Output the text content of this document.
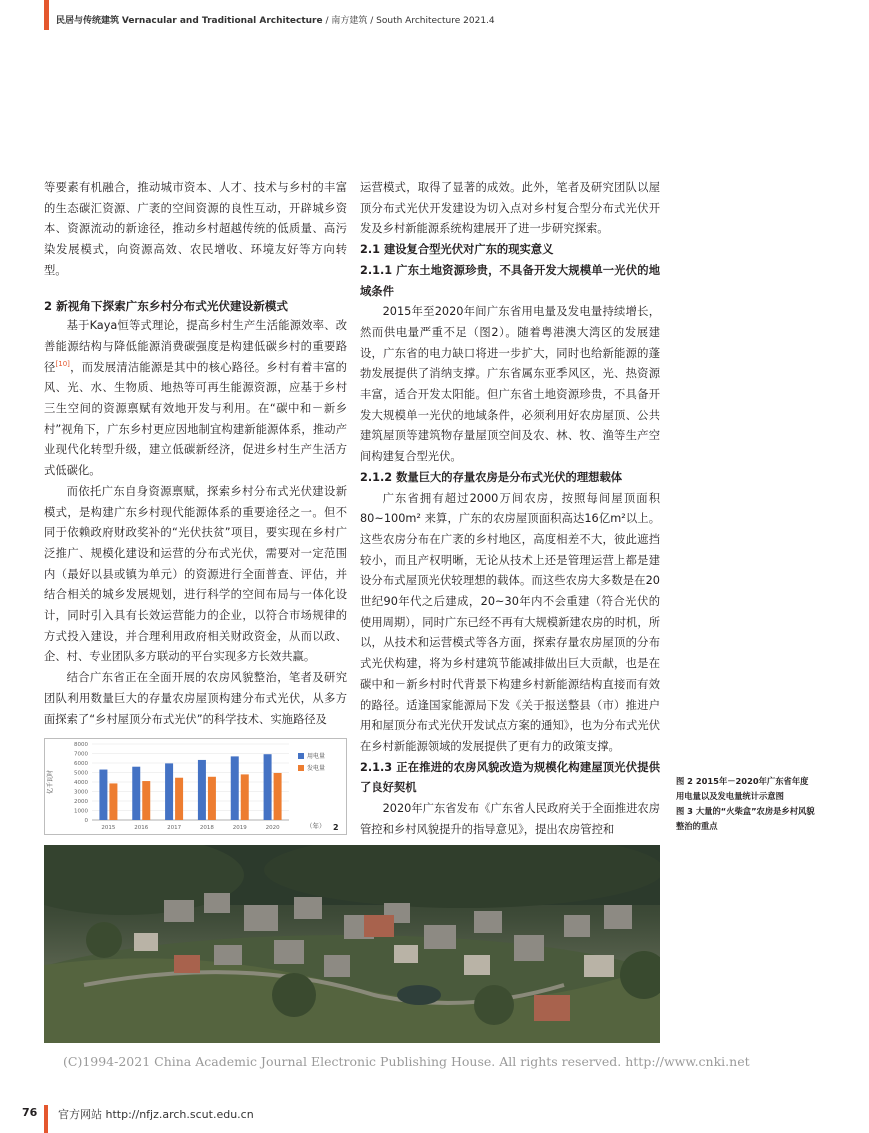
民居与传统建筑 Vernacular and Traditional Architecture / 南方建筑 / South Architecture 2021.4

等要素有机融合，推动城市资本、人才、技术与乡村的丰富的生态碳汇资源、广袤的空间资源的良性互动，开辟城乡资本、资源流动的新途径，推动乡村超越传统的低质量、高污染发展模式，向资源高效、农民增收、环境友好等方向转型。

2 新视角下探索广东乡村分布式光伏建设新模式

基于Kaya恒等式理论，提高乡村生产生活能源效率、改善能源结构与降低能源消费碳强度是构建低碳乡村的重要路径[10]，而发展清洁能源是其中的核心路径。乡村有着丰富的风、光、水、生物质、地热等可再生能源资源，应基于乡村三生空间的资源禀赋有效地开发与利用。在“碳中和－新乡村”视角下，广东乡村更应因地制宜构建新能源体系，推动产业现代化转型升级，建立低碳新经济，促进乡村生产生活方式低碳化。

而依托广东自身资源禀赋，探索乡村分布式光伏建设新模式，是构建广东乡村现代能源体系的重要途径之一。但不同于依赖政府财政奖补的“光伏扶贫”项目，要实现在乡村广泛推广、规模化建设和运营的分布式光伏，需要对一定范围内（最好以县或镇为单元）的资源进行全面普查、评估，并结合相关的城乡发展规划，进行科学的空间布局与一体化设计，同时引入具有长效运营能力的企业，以符合市场规律的方式投入建设，并合理利用政府相关财政资金，从而以政、企、村、专业团队多方联动的平台实现多方长效共赢。

结合广东省正在全面开展的农房风貌整治，笔者及研究团队利用数量巨大的存量农房屋顶构建分布式光伏，从多方面探索了“乡村屋顶分布式光伏”的科学技术、实施路径及

运营模式，取得了显著的成效。此外，笔者及研究团队以屋顶分布式光伏开发建设为切入点对乡村复合型分布式光伏开发及乡村新能源系统构建展开了进一步研究探索。

2.1 建设复合型光伏对广东的现实意义

2.1.1 广东土地资源珍贵，不具备开发大规模单一光伏的地域条件

2015年至2020年间广东省用电量及发电量持续增长，然而供电量严重不足（图2）。随着粤港澳大湾区的发展建设，广东省的电力缺口将进一步扩大，同时也给新能源的蓬勃发展提供了消纳支撑。广东省属东亚季风区，光、热资源丰富，适合开发太阳能。但广东省土地资源珍贵，不具备开发大规模单一光伏的地域条件，必须利用好农房屋顶、公共建筑屋顶等建筑物存量屋顶空间及农、林、牧、渔等生产空间构建复合型光伏。

2.1.2 数量巨大的存量农房是分布式光伏的理想载体

广东省拥有超过2000万间农房，按照每间屋顶面积80~100m² 来算，广东的农房屋顶面积高达16亿m²以上。这些农房分布在广袤的乡村地区，高度相差不大，彼此遮挡较小，而且产权明晰，无论从技术上还是管理运营上都是建设分布式屋顶光伏较理想的载体。而这些农房大多数是在20世纪90年代之后建成，20~30年内不会重建（符合光伏的使用周期），同时广东已经不再有大规模新建农房的时机，所以，从技术和运营模式等各方面，探索存量农房屋顶的分布式光伏构建，将为乡村建筑节能减排做出巨大贡献，也是在碳中和－新乡村时代背景下构建乡村新能源结构直接而有效的路径。适逢国家能源局下发《关于报送整县（市）推进户用和屋顶分布式光伏开发试点方案的通知》，也为分布式光伏在乡村新能源领域的发展提供了更有力的政策支撑。

2.1.3 正在推进的农房风貌改造为规模化构建屋顶光伏提供了良好契机

2020年广东省发布《广东省人民政府关于全面推进农房管控和乡村风貌提升的指导意见》，提出农房管控和

0
1000
2000
3000
4000
5000
6000
7000
8000
亿千瓦时
2015	2016	2017	2018	2019	2020
用电量
发电量
（年） 2
图 2 2015年－2020年广东省年度用电量以及发电量统计示意图
图 3 大量的“火柴盒”农房是乡村风貌整治的重点
(C)1994-2021 China Academic Journal Electronic Publishing House. All rights reserved. http://www.cnki.net
76 官方网站 http://nfjz.arch.scut.edu.cn
